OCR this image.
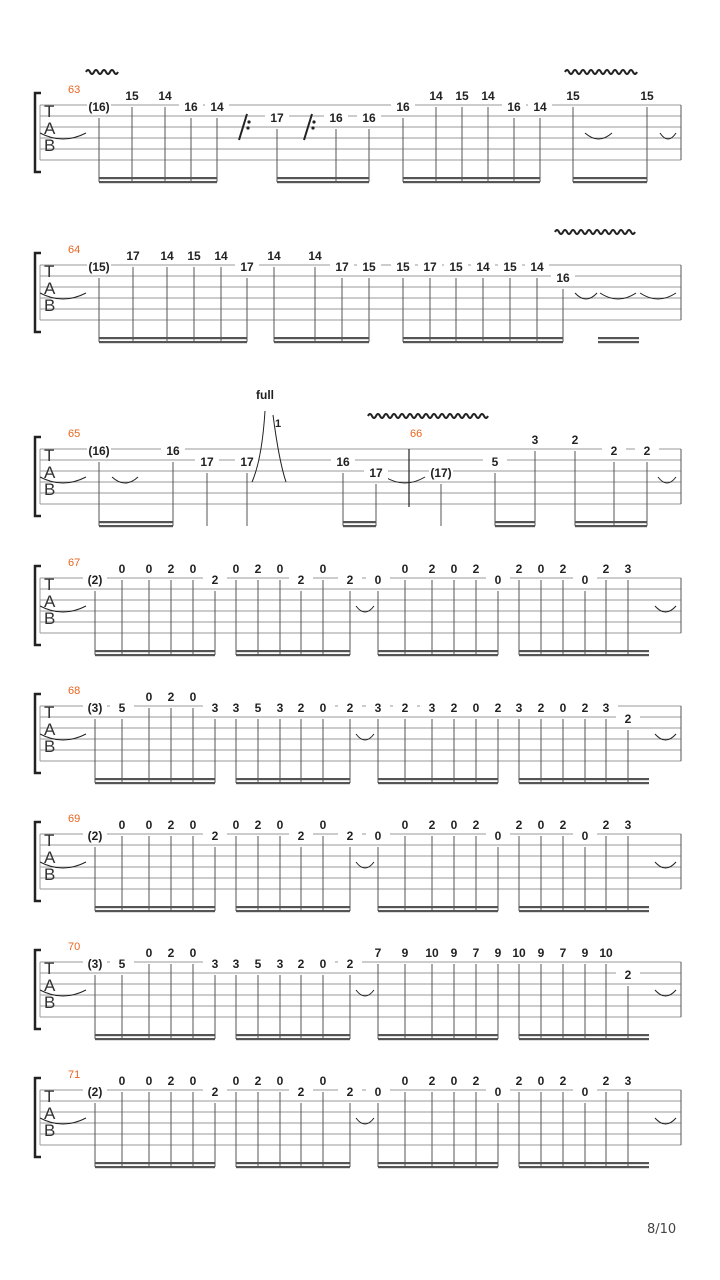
T
A
B
63
(16)
15 14
16 14
17	16 16
16
14 15 14
16 14
15	15
T
A
B
64
(15)
17 14 15 14
17
14 14
17 15 15 17 15 14 15 14
16
T
A
B
65	66
(16)	16
17 17	16
17	(17)
5
3	2
2 2
full
1
T
A
B
67
(2)
0 0 2 0
2
0 2 0
2
0
2 0
0 2 0 2
0
2 0 2
0
2 3
T
A
B
68
(3) 5
0 2 0
3 3 5 3 2 0 2 3 2 3 2 0 2 3 2 0 2 3
2
T
A
B
69
(2)
0 0 2 0
2
0 2 0
2
0
2 0
0 2 0 2
0
2 0 2
0
2 3
T
A
B
70
(3) 5
0 2 0
3 3 5 3 2 0 2
7 9 10 9 7 9 10 9 7 9 10
2
T
A
B
71
(2)
0 0 2 0
2
0 2 0
2
0
2 0
0 2 0 2
0
2 0 2
0
2 3
8/10
